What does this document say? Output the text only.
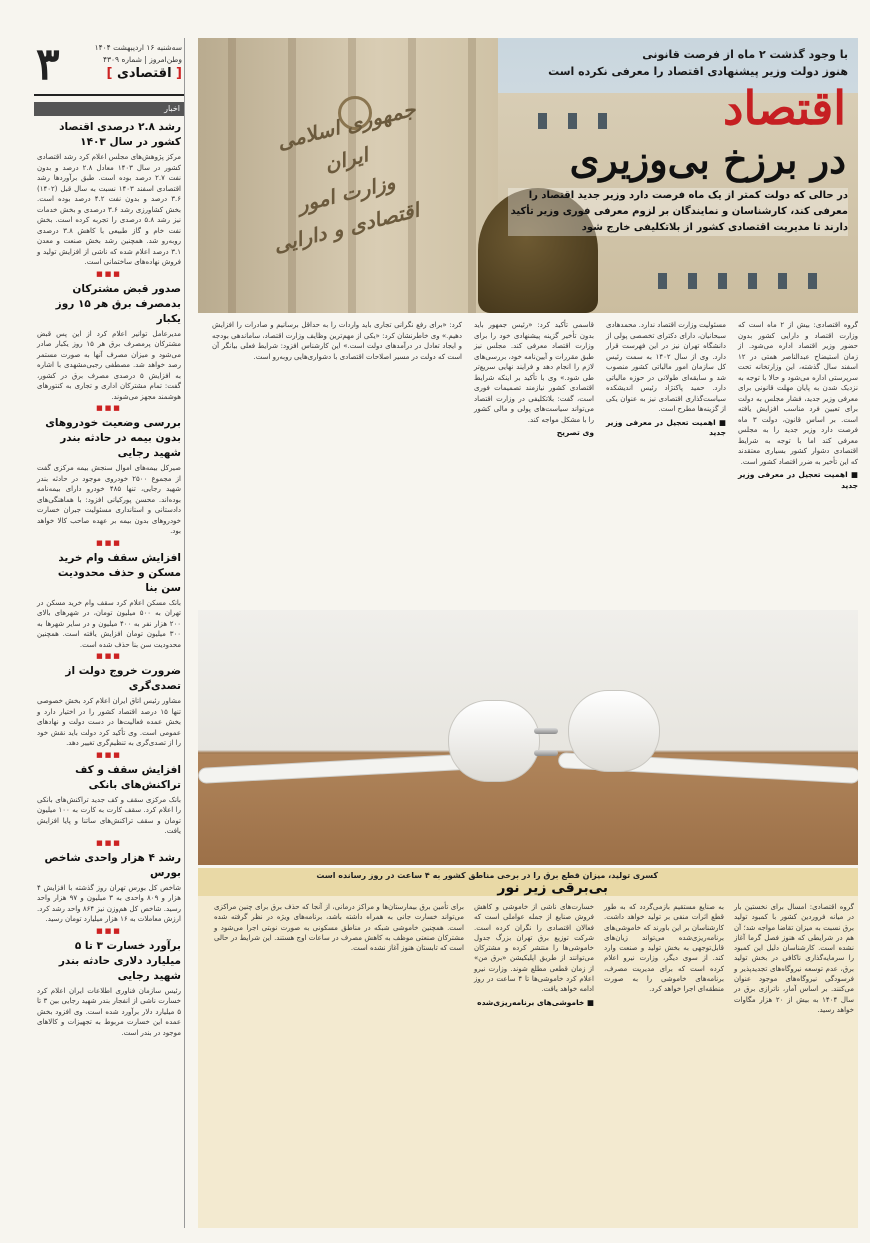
۳	سه‌شنبه ۱۶ اردیبهشت ۱۴۰۴
وطن‌امروز | شماره ۴۳۰۹
[ اقتصادی ]
اخبار
رشد ۲.۸ درصدی اقتصاد کشور در سال ۱۴۰۳
مرکز پژوهش‌های مجلس اعلام کرد رشد اقتصادی کشور در سال ۱۴۰۳ معادل ۲.۸ درصد و بدون نفت ۲.۷ درصد بوده است. طبق برآوردها رشد اقتصادی اسفند ۱۴۰۳ نسبت به سال قبل (۱۴۰۲) ۳.۶ درصد و بدون نفت ۴.۲ درصد بوده است. بخش کشاورزی رشد ۳.۶ درصدی و بخش خدمات نیز رشد ۵.۸ درصدی را تجربه کرده است. بخش نفت خام و گاز طبیعی با کاهش ۳.۸ درصدی روبه‌رو شد. همچنین رشد بخش صنعت و معدن ۳.۱ درصد اعلام شده که ناشی از افزایش تولید و فروش نهاده‌های ساختمانی است.
■■■
صدور قبض مشترکان بدمصرف برق هر ۱۵ روز یکبار
مدیرعامل توانیر اعلام کرد از این پس قبض مشترکان پرمصرف برق هر ۱۵ روز یکبار صادر می‌شود و میزان مصرف آنها به صورت مستمر رصد خواهد شد. مصطفی رجبی‌مشهدی با اشاره به افزایش ۵ درصدی مصرف برق در کشور، گفت: تمام مشترکان اداری و تجاری به کنتورهای هوشمند مجهز می‌شوند.
■■■
بررسی وضعیت خودروهای بدون بیمه در حادثه بندر شهید رجایی
صیرکل بیمه‌های اموال سنجش بیمه مرکزی گفت از مجموع ۲۵۰۰ خودروی موجود در حادثه بندر شهید رجایی، تنها ۴۸۵ خودرو دارای بیمه‌نامه بوده‌اند. محسن پورکیانی افزود: با هماهنگی‌های دادستانی و استانداری مسئولیت جبران خسارت خودروهای بدون بیمه بر عهده صاحب کالا خواهد بود.
■■■
افزایش سقف وام خرید مسکن و حذف محدودیت سن بنا
بانک مسکن اعلام کرد سقف وام خرید مسکن در تهران به ۵۰۰ میلیون تومان، در شهرهای بالای ۲۰۰ هزار نفر به ۴۰۰ میلیون و در سایر شهرها به ۳۰۰ میلیون تومان افزایش یافته است. همچنین محدودیت سن بنا حذف شده است.
■■■
ضرورت خروج دولت از تصدی‌گری
مشاور رئیس اتاق ایران اعلام کرد بخش خصوصی تنها ۱۵ درصد اقتصاد کشور را در اختیار دارد و بخش عمده فعالیت‌ها در دست دولت و نهادهای عمومی است. وی تأکید کرد دولت باید نقش خود را از تصدی‌گری به تنظیم‌گری تغییر دهد.
■■■
افزایش سقف و کف تراکنش‌های بانکی
بانک مرکزی سقف و کف جدید تراکنش‌های بانکی را اعلام کرد. سقف کارت به کارت به ۱۰۰ میلیون تومان و سقف تراکنش‌های ساتنا و پایا افزایش یافت.
■■■
رشد ۴ هزار واحدی شاخص بورس
شاخص کل بورس تهران روز گذشته با افزایش ۴ هزار و ۸۰۹ واحدی به ۳ میلیون و ۹۷ هزار واحد رسید. شاخص کل هم‌وزن نیز ۸۶۴ واحد رشد کرد. ارزش معاملات به ۱۶ هزار میلیارد تومان رسید.
■■■
برآورد خسارت ۳ تا ۵ میلیارد دلاری حادثه بندر شهید رجایی
رئیس سازمان فناوری اطلاعات ایران اعلام کرد خسارت ناشی از انفجار بندر شهید رجایی بین ۳ تا ۵ میلیارد دلار برآورد شده است. وی افزود بخش عمده این خسارت مربوط به تجهیزات و کالاهای موجود در بندر است.
جمهوری اسلامی ایران
وزارت امور اقتصادی و دارایی
با وجود گذشت ۲ ماه از فرصت قانونی
هنوز دولت وزیر پیشنهادی اقتصاد را معرفی نکرده است
اقتصاد
در برزخ بی‌وزیری
در حالی که دولت کمتر از یک ماه فرصت دارد وزیر جدید اقتصاد را معرفی کند، کارشناسان و نمایندگان بر لزوم معرفی فوری وزیر تأکید دارند تا مدیریت اقتصادی کشور از بلاتکلیفی خارج شود
گروه اقتصادی: بیش از ۲ ماه است که وزارت اقتصاد و دارایی کشور بدون حضور وزیر اقتصاد اداره می‌شود. از زمان استیضاح عبدالناصر همتی در ۱۲ اسفند سال گذشته، این وزارتخانه تحت سرپرستی اداره می‌شود و حالا با توجه به نزدیک شدن به پایان مهلت قانونی برای معرفی وزیر جدید، فشار مجلس به دولت برای تعیین فرد مناسب افزایش یافته است. بر اساس قانون، دولت ۳ ماه فرصت دارد وزیر جدید را به مجلس معرفی کند اما با توجه به شرایط اقتصادی دشوار کشور بسیاری معتقدند که این تأخیر به ضرر اقتصاد کشور است.
■ اهمیت تعجیل در معرفی وزیر جدید
مسئولیت وزارت اقتصاد ندارد. محمدهادی سبحانیان، دارای دکترای تخصصی پولی از دانشگاه تهران نیز در این فهرست قرار دارد. وی از سال ۱۴۰۲ به سمت رئیس کل سازمان امور مالیاتی کشور منصوب شد و سابقه‌ای طولانی در حوزه مالیاتی دارد. حمید پاکنژاد رئیس اندیشکده سیاست‌گذاری اقتصادی نیز به عنوان یکی از گزینه‌ها مطرح است.
■ اهمیت تعجیل در معرفی وزیر جدید
قاسمی تأکید کرد: «رئیس جمهور باید بدون تأخیر گزینه پیشنهادی خود را برای وزارت اقتصاد معرفی کند. مجلس نیز طبق مقررات و آیین‌نامه خود، بررسی‌های لازم را انجام دهد و فرایند نهایی سریع‌تر طی شود.» وی با تأکید بر اینکه شرایط اقتصادی کشور نیازمند تصمیمات فوری است، گفت: بلاتکلیفی در وزارت اقتصاد می‌تواند سیاست‌های پولی و مالی کشور را با مشکل مواجه کند.
وی تصریح
کرد: «برای رفع نگرانی تجاری باید واردات را به حداقل برسانیم و صادرات را افزایش دهیم.» وی خاطرنشان کرد: «یکی از مهم‌ترین وظایف وزارت اقتصاد، ساماندهی بودجه و ایجاد تعادل در درآمدهای دولت است.» این کارشناس افزود: شرایط فعلی بیانگر آن است که دولت در مسیر اصلاحات اقتصادی با دشواری‌هایی روبه‌رو است.
کسری تولید، میزان قطع برق را در برخی مناطق کشور به ۴ ساعت در روز رسانده است
بی‌برقی زیر نور
گروه اقتصادی: امسال برای نخستین بار در میانه فروردین کشور با کمبود تولید برق نسبت به میزان تقاضا مواجه شد؛ آن هم در شرایطی که هنوز فصل گرما آغاز نشده است. کارشناسان دلیل این کمبود را سرمایه‌گذاری ناکافی در بخش تولید برق، عدم توسعه نیروگاه‌های تجدیدپذیر و فرسودگی نیروگاه‌های موجود عنوان می‌کنند. بر اساس آمار، ناترازی برق در سال ۱۴۰۴ به بیش از ۲۰ هزار مگاوات خواهد رسید.
به صنایع مستقیم بازمی‌گردد که به طور قطع اثرات منفی بر تولید خواهد داشت. کارشناسان بر این باورند که خاموشی‌های برنامه‌ریزی‌شده می‌تواند زیان‌های قابل‌توجهی به بخش تولید و صنعت وارد کند. از سوی دیگر، وزارت نیرو اعلام کرده است که برای مدیریت مصرف، برنامه‌های خاموشی را به صورت منطقه‌ای اجرا خواهد کرد.
خسارت‌های ناشی از خاموشی و کاهش فروش صنایع از جمله عواملی است که فعالان اقتصادی را نگران کرده است. شرکت توزیع برق تهران بزرگ جدول خاموشی‌ها را منتشر کرده و مشترکان می‌توانند از طریق اپلیکیشن «برق من» از زمان قطعی مطلع شوند. وزارت نیرو اعلام کرد خاموشی‌ها تا ۴ ساعت در روز ادامه خواهد یافت.
■ خاموشی‌های برنامه‌ریزی‌شده
برای تأمین برق بیمارستان‌ها و مراکز درمانی، از آنجا که حذف برق برای چنین مراکزی می‌تواند خسارت جانی به همراه داشته باشد، برنامه‌های ویژه در نظر گرفته شده است. همچنین خاموشی شبکه در مناطق مسکونی به صورت نوبتی اجرا می‌شود و مشترکان صنعتی موظف به کاهش مصرف در ساعات اوج هستند. این شرایط در حالی است که تابستان هنوز آغاز نشده است.
